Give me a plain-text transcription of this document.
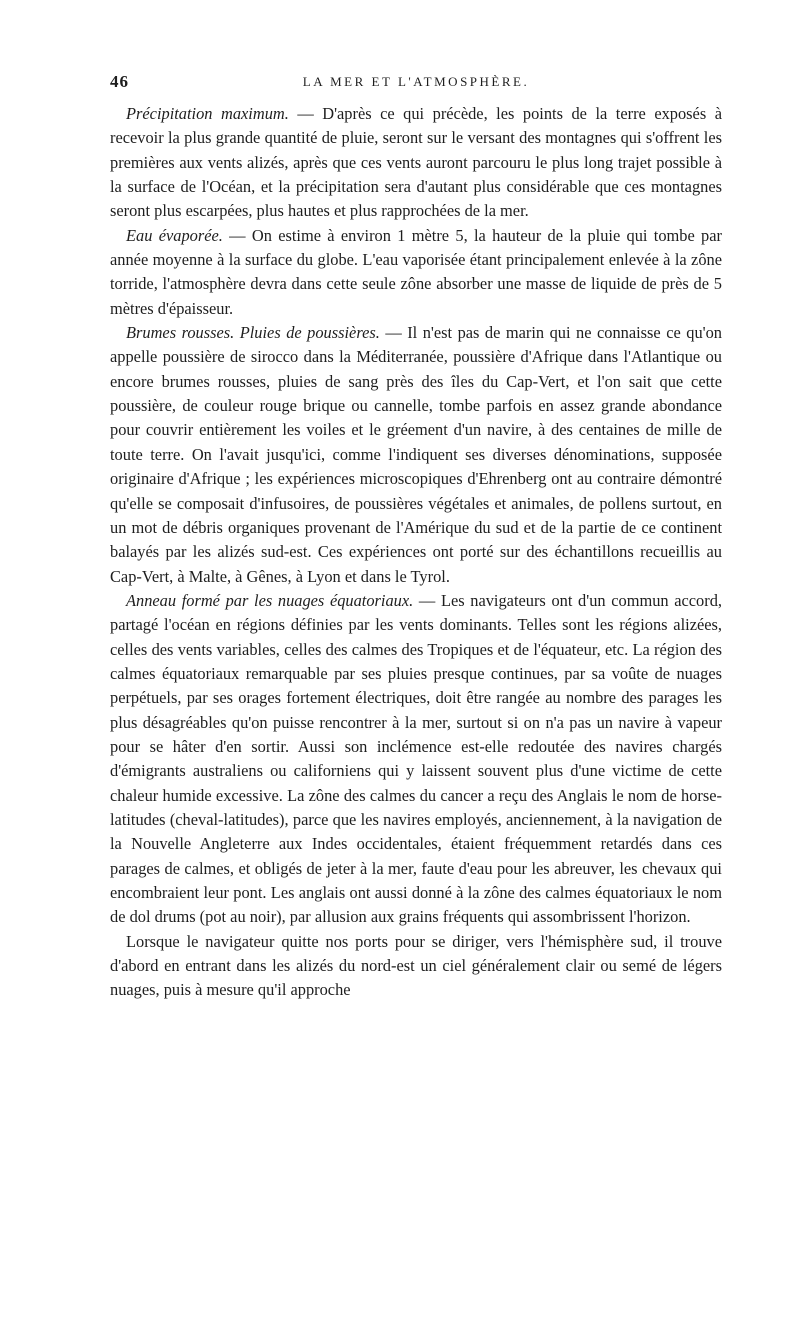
46	LA MER ET L'ATMOSPHÈRE.

Précipitation maximum. — D'après ce qui précède, les points de la terre exposés à recevoir la plus grande quantité de pluie, seront sur le versant des montagnes qui s'offrent les premières aux vents alizés, après que ces vents auront parcouru le plus long trajet possible à la surface de l'Océan, et la précipitation sera d'autant plus considérable que ces montagnes seront plus escarpées, plus hautes et plus rapprochées de la mer.

Eau évaporée. — On estime à environ 1 mètre 5, la hauteur de la pluie qui tombe par année moyenne à la surface du globe. L'eau vaporisée étant principalement enlevée à la zône torride, l'atmosphère devra dans cette seule zône absorber une masse de liquide de près de 5 mètres d'épaisseur.

Brumes rousses. Pluies de poussières. — Il n'est pas de marin qui ne connaisse ce qu'on appelle poussière de sirocco dans la Méditerranée, poussière d'Afrique dans l'Atlantique ou encore brumes rousses, pluies de sang près des îles du Cap-Vert, et l'on sait que cette poussière, de couleur rouge brique ou cannelle, tombe parfois en assez grande abondance pour couvrir entièrement les voiles et le gréement d'un navire, à des centaines de mille de toute terre. On l'avait jusqu'ici, comme l'indiquent ses diverses dénominations, supposée originaire d'Afrique ; les expériences microscopiques d'Ehrenberg ont au contraire démontré qu'elle se composait d'infusoires, de poussières végétales et animales, de pollens surtout, en un mot de débris organiques provenant de l'Amérique du sud et de la partie de ce continent balayés par les alizés sud-est. Ces expériences ont porté sur des échantillons recueillis au Cap-Vert, à Malte, à Gênes, à Lyon et dans le Tyrol.

Anneau formé par les nuages équatoriaux. — Les navigateurs ont d'un commun accord, partagé l'océan en régions définies par les vents dominants. Telles sont les régions alizées, celles des vents variables, celles des calmes des Tropiques et de l'équateur, etc. La région des calmes équatoriaux remarquable par ses pluies presque continues, par sa voûte de nuages perpétuels, par ses orages fortement électriques, doit être rangée au nombre des parages les plus désagréables qu'on puisse rencontrer à la mer, surtout si on n'a pas un navire à vapeur pour se hâter d'en sortir. Aussi son inclémence est-elle redoutée des navires chargés d'émigrants australiens ou californiens qui y laissent souvent plus d'une victime de cette chaleur humide excessive. La zône des calmes du cancer a reçu des Anglais le nom de horse-latitudes (cheval-latitudes), parce que les navires employés, anciennement, à la navigation de la Nouvelle Angleterre aux Indes occidentales, étaient fréquemment retardés dans ces parages de calmes, et obligés de jeter à la mer, faute d'eau pour les abreuver, les chevaux qui encombraient leur pont. Les anglais ont aussi donné à la zône des calmes équatoriaux le nom de dol drums (pot au noir), par allusion aux grains fréquents qui assombrissent l'horizon.

Lorsque le navigateur quitte nos ports pour se diriger, vers l'hémisphère sud, il trouve d'abord en entrant dans les alizés du nord-est un ciel généralement clair ou semé de légers nuages, puis à mesure qu'il approche
